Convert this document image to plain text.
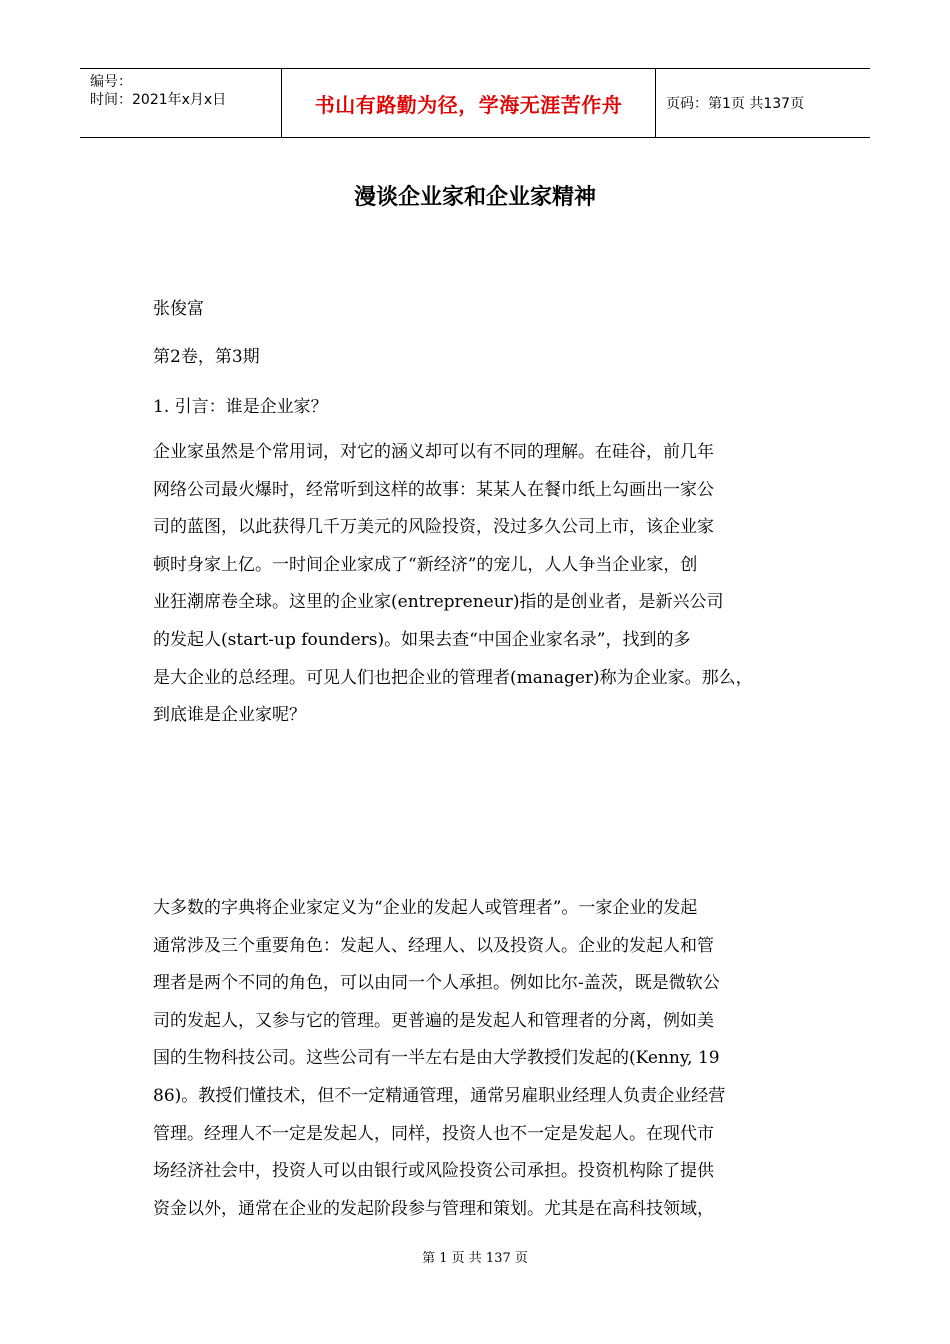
编号：
时间：2021年x月x日	书山有路勤为径，学海无涯苦作舟	页码：第1页 共137页
漫谈企业家和企业家精神
张俊富
第2卷，第3期
1. 引言：谁是企业家？
企业家虽然是个常用词，对它的涵义却可以有不同的理解。在硅谷，前几年
网络公司最火爆时，经常听到这样的故事：某某人在餐巾纸上勾画出一家公
司的蓝图，以此获得几千万美元的风险投资，没过多久公司上市，该企业家
顿时身家上亿。一时间企业家成了“新经济”的宠儿，人人争当企业家，创
业狂潮席卷全球。这里的企业家(entrepreneur)指的是创业者，是新兴公司
的发起人(start-up founders)。如果去查“中国企业家名录”，找到的多
是大企业的总经理。可见人们也把企业的管理者(manager)称为企业家。那么，
到底谁是企业家呢？
大多数的字典将企业家定义为“企业的发起人或管理者”。一家企业的发起
通常涉及三个重要角色：发起人、经理人、以及投资人。企业的发起人和管
理者是两个不同的角色，可以由同一个人承担。例如比尔-盖茨，既是微软公
司的发起人，又参与它的管理。更普遍的是发起人和管理者的分离，例如美
国的生物科技公司。这些公司有一半左右是由大学教授们发起的(Kenny, 19
86)。教授们懂技术，但不一定精通管理，通常另雇职业经理人负责企业经营
管理。经理人不一定是发起人，同样，投资人也不一定是发起人。在现代市
场经济社会中，投资人可以由银行或风险投资公司承担。投资机构除了提供
资金以外，通常在企业的发起阶段参与管理和策划。尤其是在高科技领域，
第 1 页 共 137 页
